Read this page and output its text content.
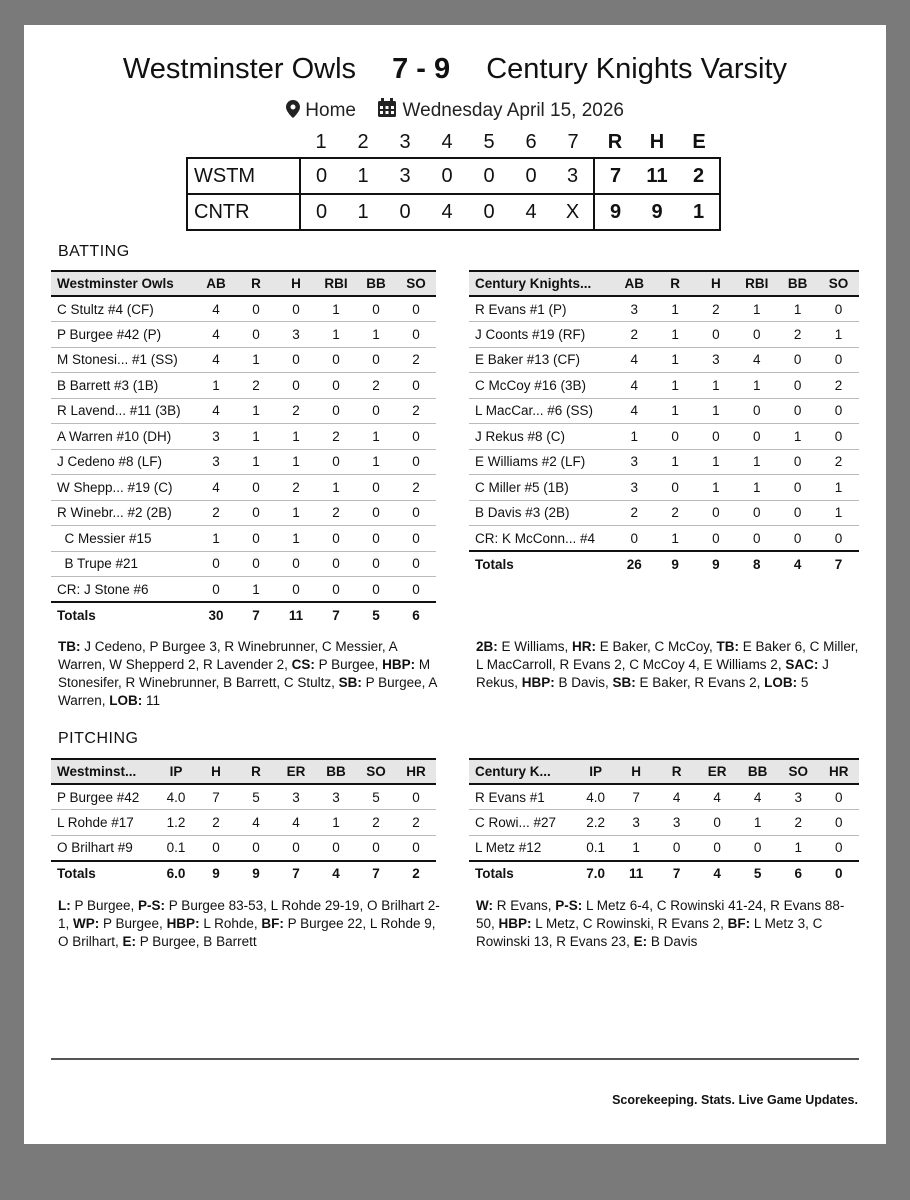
Westminster Owls 7 - 9 Century Knights Varsity
Home Wednesday April 15, 2026
	1	2	3	4	5	6	7	R	H	E
WSTM	0	1	3	0	0	0	3	7	11	2
CNTR	0	1	0	4	0	4	X	9	9	1
BATTING
Westminster Owls	AB	R	H	RBI	BB	SO
C Stultz #4 (CF)	4	0	0	1	0	0
P Burgee #42 (P)	4	0	3	1	1	0
M Stonesi... #1 (SS)	4	1	0	0	0	2
B Barrett #3 (1B)	1	2	0	0	2	0
R Lavend... #11 (3B)	4	1	2	0	0	2
A Warren #10 (DH)	3	1	1	2	1	0
J Cedeno #8 (LF)	3	1	1	0	1	0
W Shepp... #19 (C)	4	0	2	1	0	2
R Winebr... #2 (2B)	2	0	1	2	0	0
C Messier #15	1	0	1	0	0	0
B Trupe #21	0	0	0	0	0	0
CR: J Stone #6	0	1	0	0	0	0
Totals	30	7	11	7	5	6
Century Knights...	AB	R	H	RBI	BB	SO
R Evans #1 (P)	3	1	2	1	1	0
J Coonts #19 (RF)	2	1	0	0	2	1
E Baker #13 (CF)	4	1	3	4	0	0
C McCoy #16 (3B)	4	1	1	1	0	2
L MacCar... #6 (SS)	4	1	1	0	0	0
J Rekus #8 (C)	1	0	0	0	1	0
E Williams #2 (LF)	3	1	1	1	0	2
C Miller #5 (1B)	3	0	1	1	0	1
B Davis #3 (2B)	2	2	0	0	0	1
CR: K McConn... #4	0	1	0	0	0	0
Totals	26	9	9	8	4	7
TB: J Cedeno, P Burgee 3, R Winebrunner, C Messier, A Warren, W Shepperd 2, R Lavender 2, CS: P Burgee, HBP: M Stonesifer, R Winebrunner, B Barrett, C Stultz, SB: P Burgee, A Warren, LOB: 11
2B: E Williams, HR: E Baker, C McCoy, TB: E Baker 6, C Miller, L MacCarroll, R Evans 2, C McCoy 4, E Williams 2, SAC: J Rekus, HBP: B Davis, SB: E Baker, R Evans 2, LOB: 5
PITCHING
Westminst...	IP	H	R	ER	BB	SO	HR
P Burgee #42	4.0	7	5	3	3	5	0
L Rohde #17	1.2	2	4	4	1	2	2
O Brilhart #9	0.1	0	0	0	0	0	0
Totals	6.0	9	9	7	4	7	2
Century K...	IP	H	R	ER	BB	SO	HR
R Evans #1	4.0	7	4	4	4	3	0
C Rowi... #27	2.2	3	3	0	1	2	0
L Metz #12	0.1	1	0	0	0	1	0
Totals	7.0	11	7	4	5	6	0
L: P Burgee, P-S: P Burgee 83-53, L Rohde 29-19, O Brilhart 2-1, WP: P Burgee, HBP: L Rohde, BF: P Burgee 22, L Rohde 9, O Brilhart, E: P Burgee, B Barrett
W: R Evans, P-S: L Metz 6-4, C Rowinski 41-24, R Evans 88-50, HBP: L Metz, C Rowinski, R Evans 2, BF: L Metz 3, C Rowinski 13, R Evans 23, E: B Davis
Scorekeeping. Stats. Live Game Updates.
